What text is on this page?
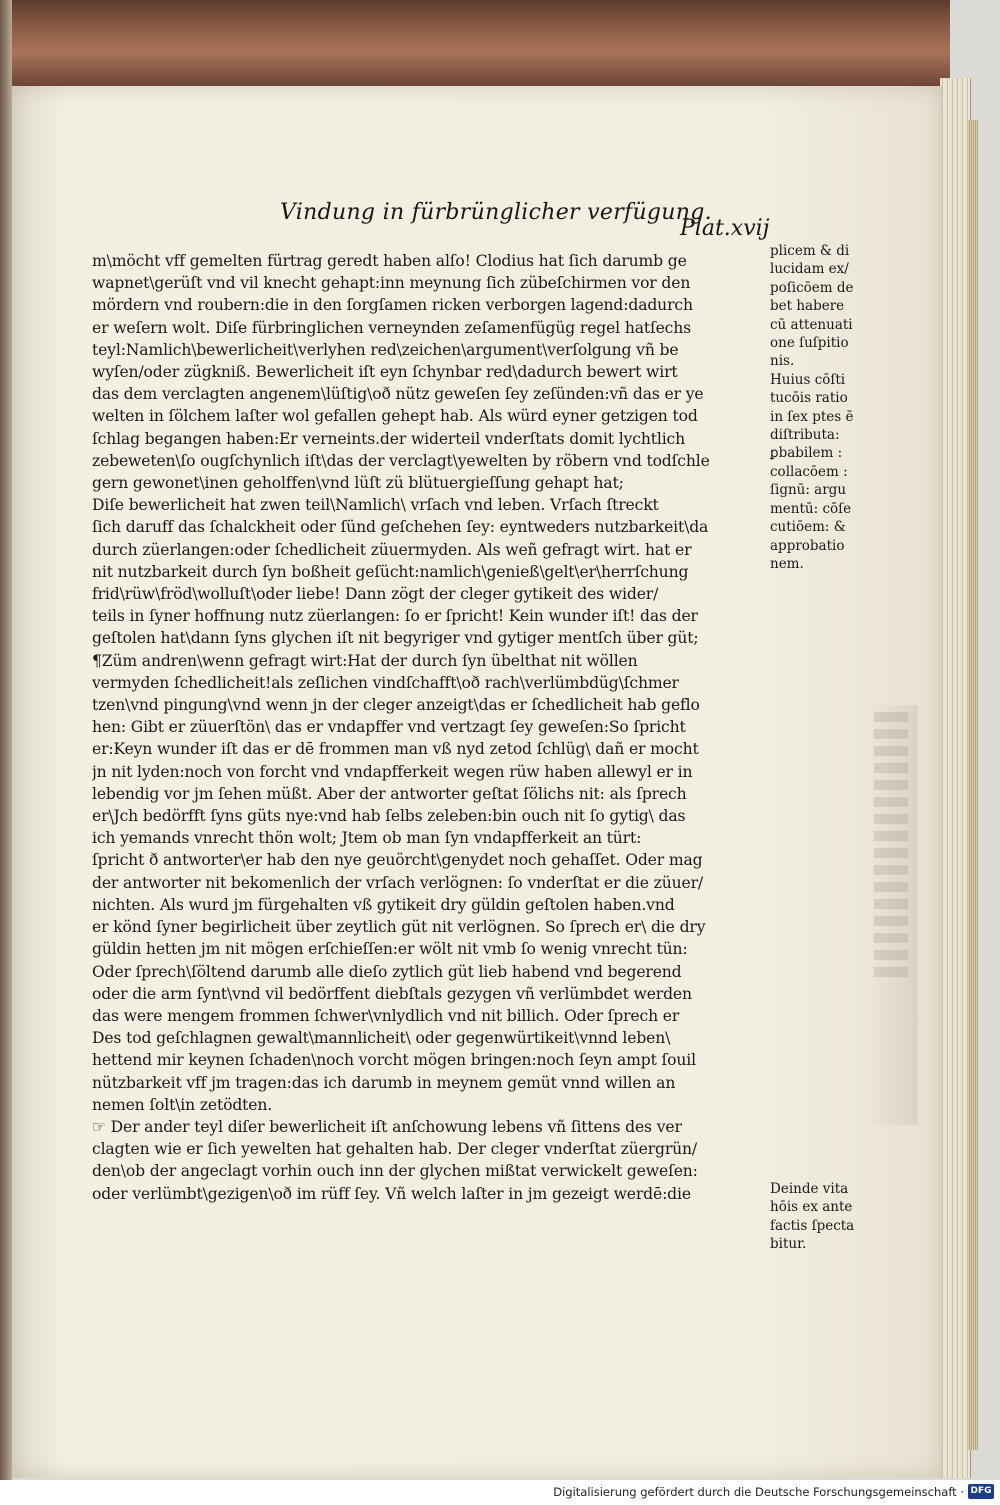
Vindung in fürbrünglicher verfügung.
Plat.xvij
m\möcht vff gemelten fürtrag geredt haben alſo! Clodius hat ſich darumb ge
wapnet\gerüſt vnd vil knecht gehapt:inn meynung ſich zübeſchirmen vor den
mördern vnd roubern:die in den ſorgſamen ricken verborgen lagend:dadurch
er weſern wolt. Diſe fürbringlichen verneynden zeſamenfügüg regel hatſechs
teyl:Namlich\bewerlicheit\verlyhen red\zeichen\argument\verſolgung vñ be
wyſen/oder zügkniß. Bewerlicheit iſt eyn ſchynbar red\dadurch bewert wirt
das dem verclagten angenem\lüſtig\oð nütz geweſen ſey zeſünden:vñ das er ye
welten in ſölchem laſter wol gefallen gehept hab. Als würd eyner getzigen tod
ſchlag begangen haben:Er verneints.der widerteil vnderſtats domit lychtlich
zebeweten\ſo ougſchynlich iſt\das der verclagt\yewelten by röbern vnd todſchle
gern gewonet\inen geholffen\vnd lüſt zü blütuergieſſung gehapt hat;
Diſe bewerlicheit hat zwen teil\Namlich\ vrſach vnd leben. Vrſach ſtreckt
ſich daruff das ſchalckheit oder ſünd geſchehen ſey: eyntweders nutzbarkeit\da
durch züerlangen:oder ſchedlicheit züuermyden. Als weñ gefragt wirt. hat er
nit nutzbarkeit durch ſyn boßheit geſücht:namlich\genieß\gelt\er\herrſchung
frid\rüw\fröd\wolluſt\oder liebe! Dann zögt der cleger gytikeit des wider/
teils in ſyner hoffnung nutz züerlangen: ſo er ſpricht! Kein wunder iſt! das der
geſtolen hat\dann ſyns glychen iſt nit begyriger vnd gytiger mentſch über güt;
¶Züm andren\wenn gefragt wirt:Hat der durch ſyn übelthat nit wöllen
vermyden ſchedlicheit!als zeſlichen vindſchafft\oð rach\verlümbdüg\ſchmer
tzen\vnd pingung\vnd wenn jn der cleger anzeigt\das er ſchedlicheit hab geflo
hen: Gibt er züuerſtön\ das er vndapffer vnd vertzagt ſey geweſen:So ſpricht
er:Keyn wunder iſt das er dē frommen man vß nyd zetod ſchlüg\ dañ er mocht
jn nit lyden:noch von forcht vnd vndapfferkeit wegen rüw haben allewyl er in
lebendig vor jm ſehen müßt. Aber der antworter geſtat ſölichs nit: als ſprech
er\Jch bedörfft ſyns güts nye:vnd hab ſelbs zeleben:bin ouch nit ſo gytig\ das
ich yemands vnrecht thön wolt; Jtem ob man ſyn vndapfferkeit an türt:
ſpricht ð antworter\er hab den nye geuörcht\genydet noch gehaſſet. Oder mag
der antworter nit bekomenlich der vrſach verlögnen: ſo vnderſtat er die züuer/
nichten. Als wurd jm fürgehalten vß gytikeit dry güldin geſtolen haben.vnd
er könd ſyner begirlicheit über zeytlich güt nit verlögnen. So ſprech er\ die dry
güldin hetten jm nit mögen erſchieſſen:er wölt nit vmb ſo wenig vnrecht tün:
Oder ſprech\ſöltend darumb alle dieſo zytlich güt lieb habend vnd begerend
oder die arm ſynt\vnd vil bedörffent diebſtals gezygen vñ verlümbdet werden
das were mengem frommen ſchwer\vnlydlich vnd nit billich. Oder ſprech er
Des tod geſchlagnen gewalt\mannlicheit\ oder gegenwürtikeit\vnnd leben\
hettend mir keynen ſchaden\noch vorcht mögen bringen:noch ſeyn ampt ſouil
nützbarkeit vff jm tragen:das ich darumb in meynem gemüt vnnd willen an
nemen ſolt\in zetödten.
☞ Der ander teyl diſer bewerlicheit iſt anſchowung lebens vñ ſittens des ver
clagten wie er ſich yewelten hat gehalten hab. Der cleger vnderſtat züergrün/
den\ob der angeclagt vorhin ouch inn der glychen mißtat verwickelt geweſen:
oder verlümbt\gezigen\oð im rüff ſey. Vñ welch laſter in jm gezeigt werdē:die
plicem & di
lucidam ex/
poſicōem de
bet habere
cū attenuati
one ſuſpitio
nis.
Huius cōſti
tucōis ratio
in ſex ptes ē
diſtributa:
ꝑbabilem :
collacōem :
ſignū: argu
mentū: cōſe
cutiōem: &
approbatio
nem.
Deinde vita
hōis ex ante
factis ſpecta
bitur.
Digitalisierung gefördert durch die Deutsche Forschungsgemeinschaft · DFG
